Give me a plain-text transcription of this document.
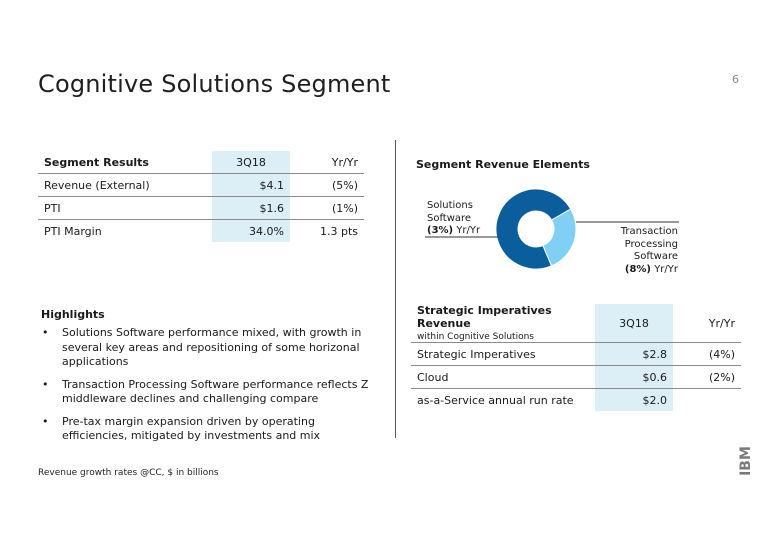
Cognitive Solutions Segment	6
Segment Results	3Q18	Yr/Yr
Revenue (External)	$4.1	(5%)
PTI	$1.6	(1%)
PTI Margin	34.0%	1.3 pts
Segment Revenue Elements
Solutions
Software
(3%) Yr/Yr	Transaction
Processing
Software
(8%) Yr/Yr
Strategic Imperatives Revenue
within Cognitive Solutions	3Q18	Yr/Yr
Strategic Imperatives	$2.8	(4%)
Cloud	$0.6	(2%)
as-a-Service annual run rate	$2.0	
Highlights
• Solutions Software performance mixed, with growth in several key areas and repositioning of some horizonal applications
• Transaction Processing Software performance reflects Z middleware declines and challenging compare
• Pre-tax margin expansion driven by operating efficiencies, mitigated by investments and mix
Revenue growth rates @CC, $ in billions	IBM
